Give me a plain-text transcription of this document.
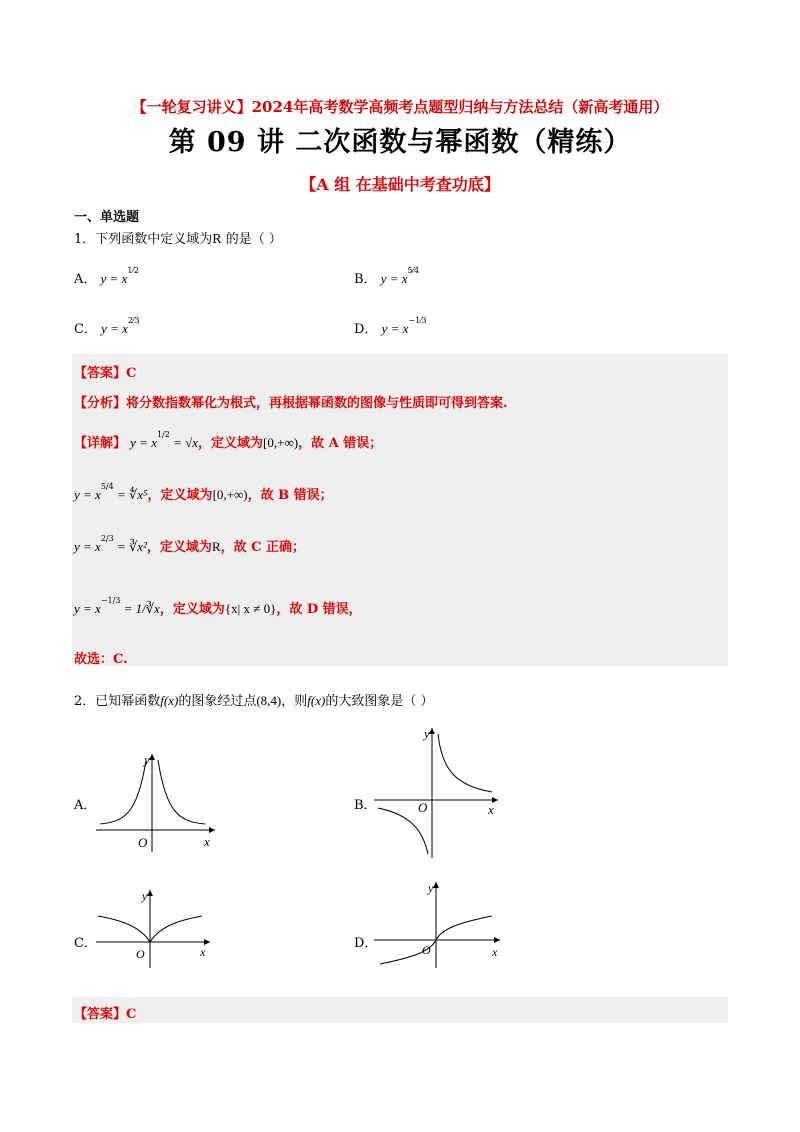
【一轮复习讲义】2024年高考数学高频考点题型归纳与方法总结（新高考通用）
第 09 讲 二次函数与幂函数（精练）
【A 组 在基础中考查功底】
一、单选题
1．下列函数中定义域为R 的是（ ）
A． $y = x^{1⁄2}$
B． $y = x^{5⁄4}$
C． $y = x^{2⁄3}$
D． $y = x^{-1⁄3}$
【答案】C
【分析】将分数指数幂化为根式，再根据幂函数的图像与性质即可得到答案.
【详解】 $y = x^{1/2} = √x$，定义域为[0,+∞)，故 A 错误；
$y = x^{5/4}$ = ∜x⁵，定义域为[0,+∞)，故 B 错误；
$y = x^{2/3}$ = ∛x²，定义域为R，故 C 正确；
$y = x^{-1/3}$ = 1/∛x，定义域为{x| x ≠ 0}，故 D 错误，
故选：C.
2．已知幂函数f(x)的图象经过点(8,4)，则f(x)的大致图象是（ ）
A．	B．
C．	D．
y
x
O
y
x
O
y
x
O
y
x
O
【答案】C
